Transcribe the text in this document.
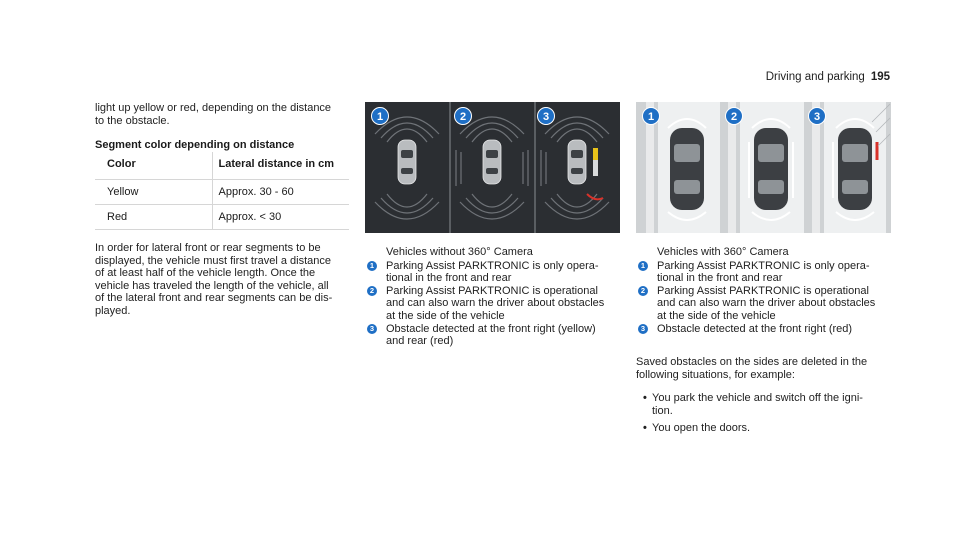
Driving and parking 195
light up yellow or red, depending on the distance
to the obstacle.
Segment color depending on distance
Color	Lateral distance in cm
Yellow	Approx. 30 - 60
Red	Approx. < 30
In order for lateral front or rear segments to be
displayed, the vehicle must first travel a distance
of at least half of the vehicle length. Once the
vehicle has traveled the length of the vehicle, all
of the lateral front and rear segments can be dis-
played.
1	2	3	1	2	3
Vehicles without 360° Camera
1 Parking Assist PARKTRONIC is only opera-
tional in the front and rear
2 Parking Assist PARKTRONIC is operational
and can also warn the driver about obstacles
at the side of the vehicle
3 Obstacle detected at the front right (yellow)
and rear (red)
Vehicles with 360° Camera
1 Parking Assist PARKTRONIC is only opera-
tional in the front and rear
2 Parking Assist PARKTRONIC is operational
and can also warn the driver about obstacles
at the side of the vehicle
3 Obstacle detected at the front right (red)
Saved obstacles on the sides are deleted in the
following situations, for example:
• You park the vehicle and switch off the igni-
tion.
• You open the doors.
